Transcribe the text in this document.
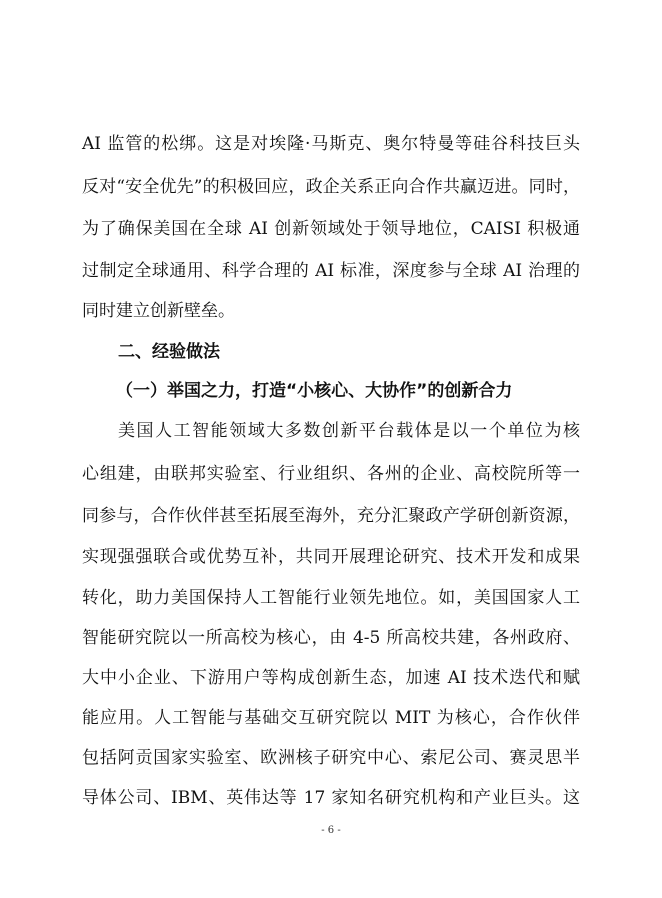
AI 监管的松绑。这是对埃隆·马斯克、奥尔特曼等硅谷科技巨头
反对“安全优先”的积极回应，政企关系正向合作共赢迈进。同时，
为了确保美国在全球 AI 创新领域处于领导地位，CAISI 积极通
过制定全球通用、科学合理的 AI 标准，深度参与全球 AI 治理的
同时建立创新壁垒。
二、经验做法
（一）举国之力，打造“小核心、大协作”的创新合力
美国人工智能领域大多数创新平台载体是以一个单位为核
心组建，由联邦实验室、行业组织、各州的企业、高校院所等一
同参与，合作伙伴甚至拓展至海外，充分汇聚政产学研创新资源，
实现强强联合或优势互补，共同开展理论研究、技术开发和成果
转化，助力美国保持人工智能行业领先地位。如，美国国家人工
智能研究院以一所高校为核心，由 4-5 所高校共建，各州政府、
大中小企业、下游用户等构成创新生态，加速 AI 技术迭代和赋
能应用。人工智能与基础交互研究院以 MIT 为核心，合作伙伴
包括阿贡国家实验室、欧洲核子研究中心、索尼公司、赛灵思半
导体公司、IBM、英伟达等 17 家知名研究机构和产业巨头。这
- 6 -
